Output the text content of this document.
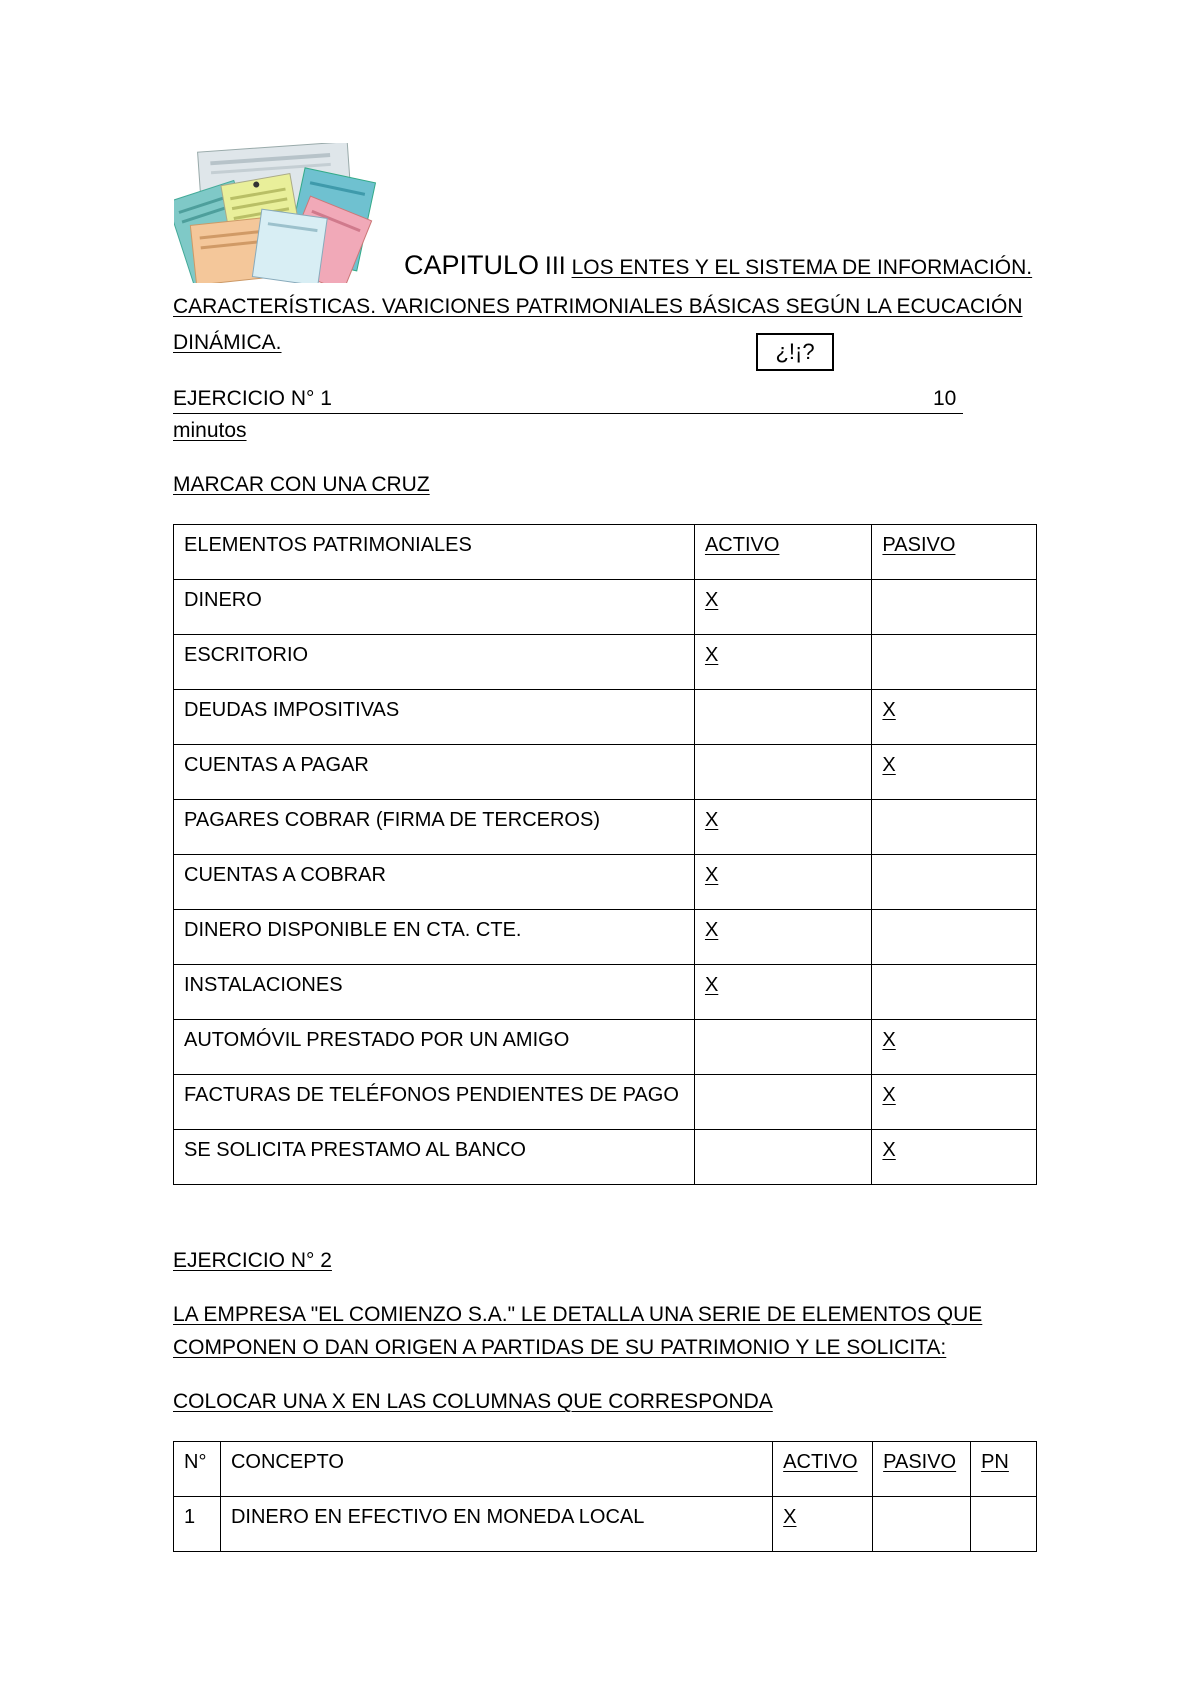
CAPITULO III LOS ENTES Y EL SISTEMA DE INFORMACIÓN.
CARACTERÍSTICAS. VARICIONES PATRIMONIALES BÁSICAS SEGÚN LA ECUCACIÓN
DINÁMICA.	¿!¡?
EJERCICIO N° 1	10
minutos
MARCAR CON UNA CRUZ
ELEMENTOS PATRIMONIALES	ACTIVO	PASIVO
DINERO	X	
ESCRITORIO	X	
DEUDAS IMPOSITIVAS		X
CUENTAS A PAGAR		X
PAGARES COBRAR (FIRMA DE TERCEROS)	X	
CUENTAS A COBRAR	X	
DINERO DISPONIBLE EN CTA. CTE.	X	
INSTALACIONES	X	
AUTOMÓVIL PRESTADO POR UN AMIGO		X
FACTURAS DE TELÉFONOS PENDIENTES DE PAGO		X
SE SOLICITA PRESTAMO AL BANCO		X
EJERCICIO N° 2
LA EMPRESA "EL COMIENZO S.A." LE DETALLA UNA SERIE DE ELEMENTOS QUE
COMPONEN O DAN ORIGEN A PARTIDAS DE SU PATRIMONIO Y LE SOLICITA:
COLOCAR UNA X EN LAS COLUMNAS QUE CORRESPONDA
N°	CONCEPTO	ACTIVO	PASIVO	PN
1	DINERO EN EFECTIVO EN MONEDA LOCAL	X		
